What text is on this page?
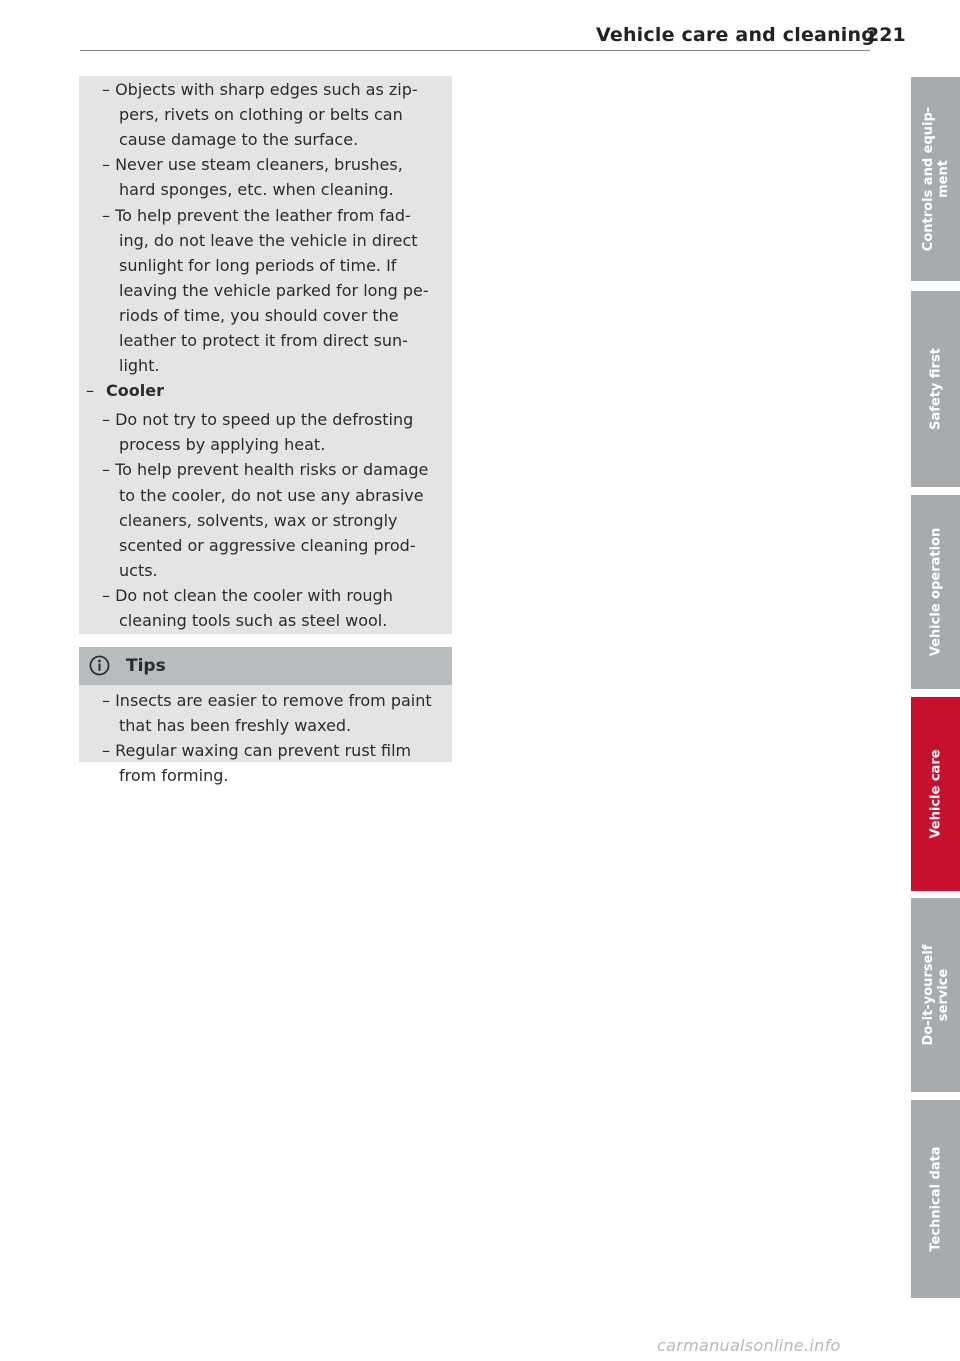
Vehicle care and cleaning
221
– Objects with sharp edges such as zip-
pers, rivets on clothing or belts can
cause damage to the surface.
– Never use steam cleaners, brushes,
hard sponges, etc. when cleaning.
– To help prevent the leather from fad-
ing, do not leave the vehicle in direct
sunlight for long periods of time. If
leaving the vehicle parked for long pe-
riods of time, you should cover the
leather to protect it from direct sun-
light.
– Cooler
– Do not try to speed up the defrosting
process by applying heat.
– To help prevent health risks or damage
to the cooler, do not use any abrasive
cleaners, solvents, wax or strongly
scented or aggressive cleaning prod-
ucts.
– Do not clean the cooler with rough
cleaning tools such as steel wool.
Tips
– Insects are easier to remove from paint
that has been freshly waxed.
– Regular waxing can prevent rust film
from forming.
Controls and equip- ment
Safety first
Vehicle operation
Vehicle care
Do-it-yourself service
Technical data
carmanualsonline.info
